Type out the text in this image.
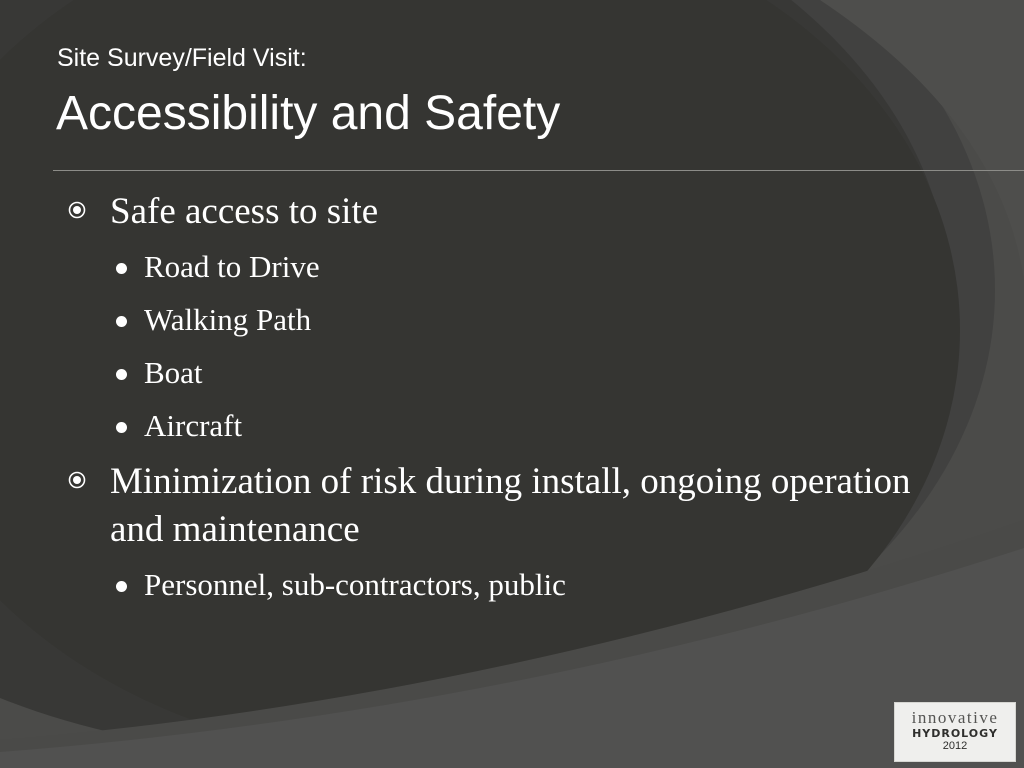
Site Survey/Field Visit:
Accessibility and Safety
Safe access to site
Road to Drive
Walking Path
Boat
Aircraft
Minimization of risk during install, ongoing operation and maintenance
Personnel, sub-contractors, public
innovative
HYDROLOGY
2012
